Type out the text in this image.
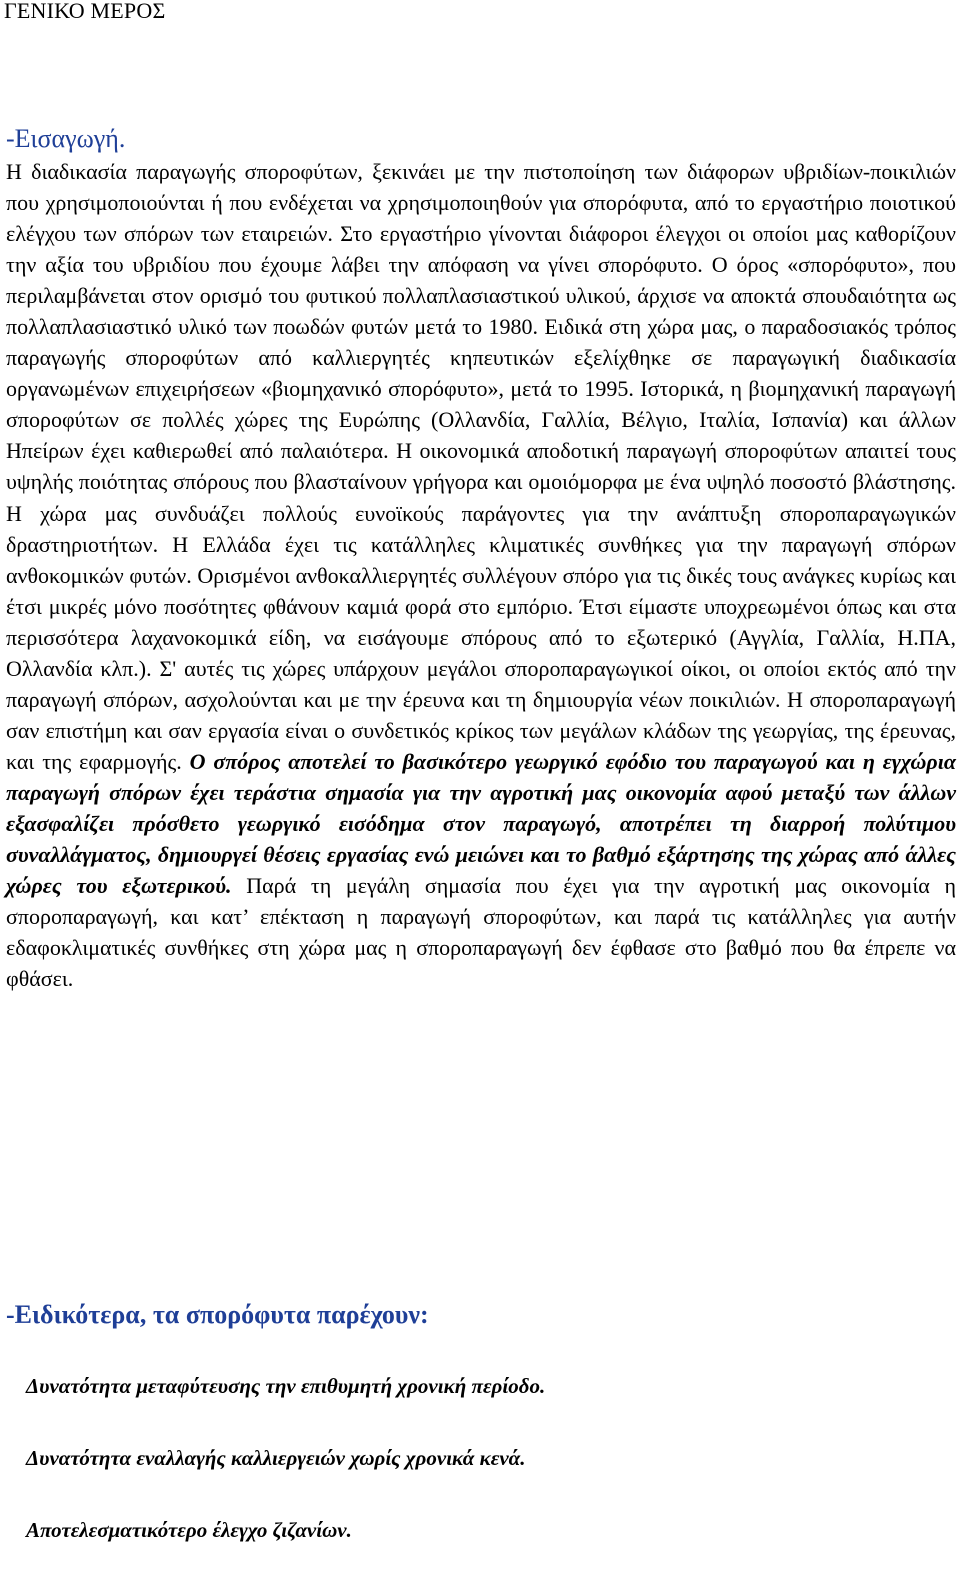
ΓΕΝΙΚΟ ΜΕΡΟΣ
-Εισαγωγή.

Η διαδικασία παραγωγής σποροφύτων, ξεκινάει με την πιστοποίηση των διάφορων υβριδίων-ποικιλιών που χρησιμοποιούνται ή που ενδέχεται να χρησιμοποιηθούν για σπορόφυτα, από το εργαστήριο ποιοτικού ελέγχου των σπόρων των εταιρειών. Στο εργαστήριο γίνονται διάφοροι έλεγχοι οι οποίοι μας καθορίζουν την αξία του υβριδίου που έχουμε λάβει την απόφαση να γίνει σπορόφυτο. Ο όρος «σπορόφυτο», που περιλαμβάνεται στον ορισμό του φυτικού πολλαπλασιαστικού υλικού, άρχισε να αποκτά σπουδαιότητα ως πολλαπλασιαστικό υλικό των ποωδών φυτών μετά το 1980. Ειδικά στη χώρα μας, ο παραδοσιακός τρόπος παραγωγής σποροφύτων από καλλιεργητές κηπευτικών εξελίχθηκε σε παραγωγική διαδικασία οργανωμένων επιχειρήσεων «βιομηχανικό σπορόφυτο», μετά το 1995. Ιστορικά, η βιομηχανική παραγωγή σποροφύτων σε πολλές χώρες της Ευρώπης (Ολλανδία, Γαλλία, Βέλγιο, Ιταλία, Ισπανία) και άλλων Ηπείρων έχει καθιερωθεί από παλαιότερα. Η οικονομικά αποδοτική παραγωγή σποροφύτων απαιτεί τους υψηλής ποιότητας σπόρους που βλασταίνουν γρήγορα και ομοιόμορφα με ένα υψηλό ποσοστό βλάστησης. Η χώρα μας συνδυάζει πολλούς ευνοϊκούς παράγοντες για την ανάπτυξη σποροπαραγωγικών δραστηριοτήτων. Η Ελλάδα έχει τις κατάλληλες κλιματικές συνθήκες για την παραγωγή σπόρων ανθοκομικών φυτών. Ορισμένοι ανθοκαλλιεργητές συλλέγουν σπόρο για τις δικές τους ανάγκες κυρίως και έτσι μικρές μόνο ποσότητες φθάνουν καμιά φορά στο εμπόριο. Έτσι είμαστε υποχρεωμένοι όπως και στα περισσότερα λαχανοκομικά είδη, να εισάγουμε σπόρους από το εξωτερικό (Αγγλία, Γαλλία, Η.ΠΑ, Ολλανδία κλπ.). Σ' αυτές τις χώρες υπάρχουν μεγάλοι σποροπαραγωγικοί οίκοι, οι οποίοι εκτός από την παραγωγή σπόρων, ασχολούνται και με την έρευνα και τη δημιουργία νέων ποικιλιών. Η σποροπαραγωγή σαν επιστήμη και σαν εργασία είναι ο συνδετικός κρίκος των μεγάλων κλάδων της γεωργίας, της έρευνας, και της εφαρμογής. Ο σπόρος αποτελεί το βασικότερο γεωργικό εφόδιο του παραγωγού και η εγχώρια παραγωγή σπόρων έχει τεράστια σημασία για την αγροτική μας οικονομία αφού μεταξύ των άλλων εξασφαλίζει πρόσθετο γεωργικό εισόδημα στον παραγωγό, αποτρέπει τη διαρροή πολύτιμου συναλλάγματος, δημιουργεί θέσεις εργασίας ενώ μειώνει και το βαθμό εξάρτησης της χώρας από άλλες χώρες του εξωτερικού. Παρά τη μεγάλη σημασία που έχει για την αγροτική μας οικονομία η σποροπαραγωγή, και κατ’ επέκταση η παραγωγή σποροφύτων, και παρά τις κατάλληλες για αυτήν εδαφοκλιματικές συνθήκες στη χώρα μας η σποροπαραγωγή δεν έφθασε στο βαθμό που θα έπρεπε να φθάσει.

-Ειδικότερα, τα σπορόφυτα παρέχουν:
Δυνατότητα μεταφύτευσης την επιθυμητή χρονική περίοδο.
Δυνατότητα εναλλαγής καλλιεργειών χωρίς χρονικά κενά.
Αποτελεσματικότερο έλεγχο ζιζανίων.
